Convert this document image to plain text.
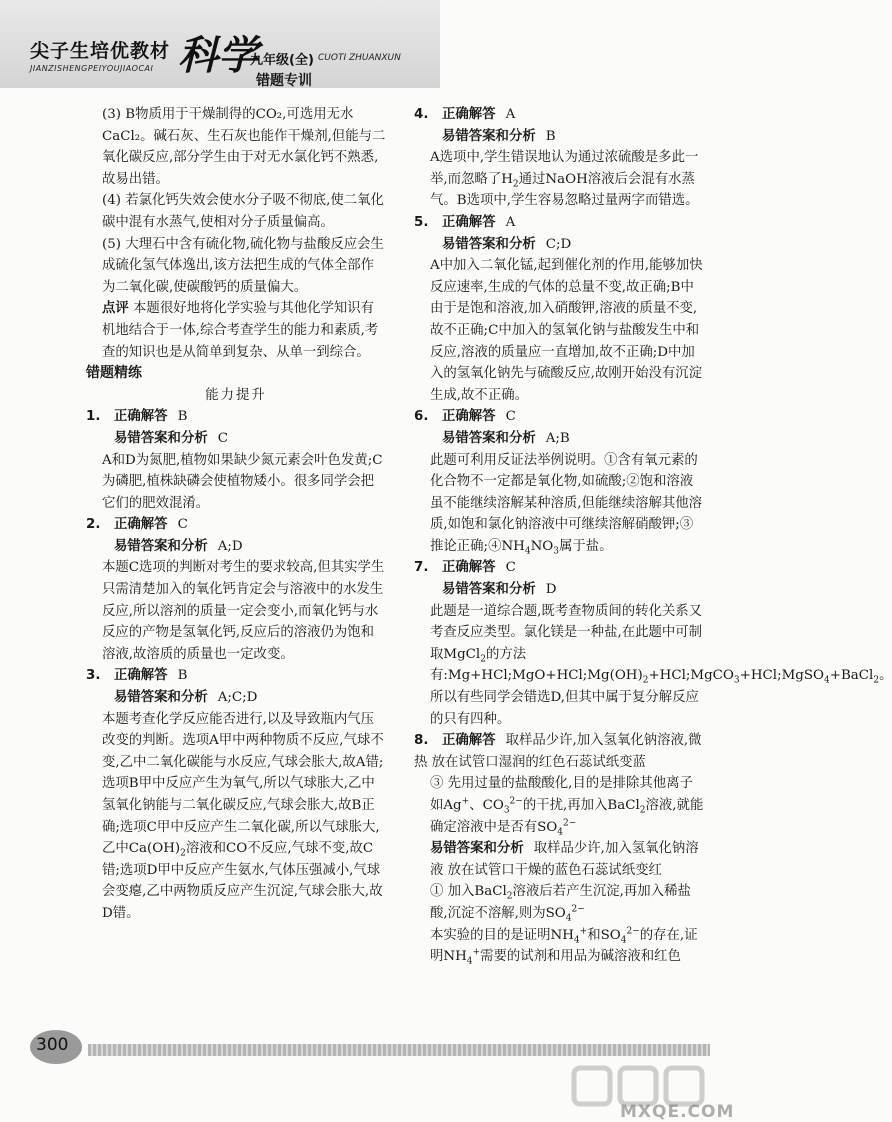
尖子生培优教材
JIANZISHENGPEIYOUJIAOCAI 科学
九年级(全) CUOTI ZHUANXUN
错题专训

(3) B物质用于干燥制得的CO₂,可选用无水CaCl₂。碱石灰、生石灰也能作干燥剂,但能与二氧化碳反应,部分学生由于对无水氯化钙不熟悉,故易出错。

(4) 若氯化钙失效会使水分子吸不彻底,使二氧化碳中混有水蒸气,使相对分子质量偏高。

(5) 大理石中含有硫化物,硫化物与盐酸反应会生成硫化氢气体逸出,该方法把生成的气体全部作为二氧化碳,使碳酸钙的质量偏大。

点评 本题很好地将化学实验与其他化学知识有机地结合于一体,综合考查学生的能力和素质,考查的知识也是从简单到复杂、从单一到综合。

错题精练

能力提升

1. 正确解答 B

易错答案和分析 C

A和D为氮肥,植物如果缺少氮元素会叶色发黄;C为磷肥,植株缺磷会使植物矮小。很多同学会把它们的肥效混淆。

2. 正确解答 C

易错答案和分析 A;D

本题C选项的判断对考生的要求较高,但其实学生只需清楚加入的氧化钙肯定会与溶液中的水发生反应,所以溶剂的质量一定会变小,而氧化钙与水反应的产物是氢氧化钙,反应后的溶液仍为饱和溶液,故溶质的质量也一定改变。

3. 正确解答 B

易错答案和分析 A;C;D

本题考查化学反应能否进行,以及导致瓶内气压改变的判断。选项A甲中两种物质不反应,气球不变,乙中二氧化碳能与水反应,气球会胀大,故A错;选项B甲中反应产生为氧气,所以气球胀大,乙中氢氧化钠能与二氧化碳反应,气球会胀大,故B正确;选项C甲中反应产生二氧化碳,所以气球胀大,乙中$Ca(OH)_2$溶液和CO不反应,气球不变,故C错;选项D甲中反应产生氨水,气体压强减小,气球会变瘪,乙中两物质反应产生沉淀,气球会胀大,故D错。

4. 正确解答 A

易错答案和分析 B

A选项中,学生错误地认为通过浓硫酸是多此一举,而忽略了$H_2$通过NaOH溶液后会混有水蒸气。B选项中,学生容易忽略过量两字而错选。

5. 正确解答 A

易错答案和分析 C;D

A中加入二氧化锰,起到催化剂的作用,能够加快反应速率,生成的气体的总量不变,故正确;B中由于是饱和溶液,加入硝酸钾,溶液的质量不变,故不正确;C中加入的氢氧化钠与盐酸发生中和反应,溶液的质量应一直增加,故不正确;D中加入的氢氧化钠先与硫酸反应,故刚开始没有沉淀生成,故不正确。

6. 正确解答 C

易错答案和分析 A;B

此题可利用反证法举例说明。①含有氧元素的化合物不一定都是氧化物,如硫酸;②饱和溶液虽不能继续溶解某种溶质,但能继续溶解其他溶质,如饱和氯化钠溶液中可继续溶解硝酸钾;③推论正确$;④NH_4NO_3$属于盐。

7. 正确解答 C

易错答案和分析 D

此题是一道综合题,既考查物质间的转化关系又考查反应类型。氯化镁是一种盐,在此题中可制取MgCl$_2$的方法有$:Mg+HCl;MgO+HCl;Mg(OH)_2+HCl;MgCO_3+HCl;MgSO_4+BaCl_2$。所以有些同学会错选D,但其中属于复分解反应的只有四种。

8. 正确解答 取样品少许,加入氢氧化钠溶液,微热 放在试管口湿润的红色石蕊试纸变蓝

③ 先用过量的盐酸酸化,目的是排除其他离子如Ag+、$CO_3^{2-}$的干扰,再加入BaCl$_2$溶液,就能确定溶液中是否有$SO_4^{2-}$

易错答案和分析 取样品少许,加入氢氧化钠溶液 放在试管口干燥的蓝色石蕊试纸变红

① 加入BaCl$_2$溶液后若产生沉淀,再加入稀盐酸,沉淀不溶解,则为$SO_4^{2-}$

本实验的目的是证明$NH_4^+$和$SO_4^{2-}$的存在,证明$NH_4^+$需要的试剂和用品为碱溶液和红色

300
MXQE.COM
